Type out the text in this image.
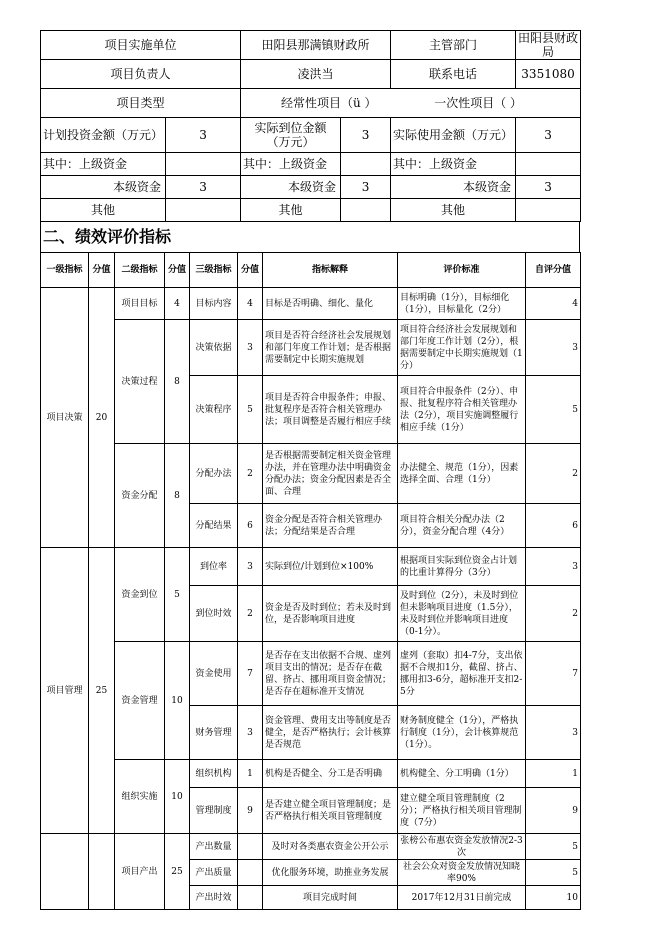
项目实施单位		田阳县那满镇财政所		主管部门	田阳县财政局
项目负责人		凌洪当		联系电话	3351080
项目类型		经常性项目（ü ） 一次性项目（ ）			
计划投资金额（万元）	3	实际到位金额（万元）	3	实际使用金额（万元）	3
其中：上级资金		其中：上级资金		其中：上级资金	
本级资金	3	本级资金	3	本级资金	3
其他		其他		其他	
二、绩效评价指标
一级指标	分值	二级指标	分值	三级指标	分值	指标解释	评价标准	自评分值
项目决策	20	项目目标	4	目标内容	4	目标是否明确、细化、量化	目标明确（1分），目标细化（1分），目标量化（2分）	4
		决策过程	8	决策依据	3	项目是否符合经济社会发展规划和部门年度工作计划；是否根据需要制定中长期实施规划	项目符合经济社会发展规划和部门年度工作计划（2分），根据需要制定中长期实施规划（1分）	3
				决策程序	5	项目是否符合申报条件；申报、批复程序是否符合相关管理办法；项目调整是否履行相应手续	项目符合申报条件（2分）、申报、批复程序符合相关管理办法（2分），项目实施调整履行相应手续（1分）	5
		资金分配	8	分配办法	2	是否根据需要制定相关资金管理办法，并在管理办法中明确资金分配办法；资金分配因素是否全面、合理	办法健全、规范（1分），因素选择全面、合理（1分）	2
				分配结果	6	资金分配是否符合相关管理办法；分配结果是否合理	项目符合相关分配办法（2分），资金分配合理（4分）	6
项目管理	25	资金到位	5	到位率	3	实际到位/计划到位×100%	根据项目实际到位资金占计划的比重计算得分（3分）	3
				到位时效	2	资金是否及时到位；若未及时到位，是否影响项目进度	及时到位（2分），未及时到位但未影响项目进度（1.5分），未及时到位并影响项目进度（0-1分）。	2
		资金管理	10	资金使用	7	是否存在支出依据不合规、虚列项目支出的情况；是否存在截留、挤占、挪用项目资金情况；是否存在超标准开支情况	虚列（套取）扣4-7分，支出依据不合规扣1分，截留、挤占、挪用扣3-6分，超标准开支扣2-5分	7
				财务管理	3	资金管理、费用支出等制度是否健全，是否严格执行；会计核算是否规范	财务制度健全（1分），严格执行制度（1分），会计核算规范（1分）。	3
		组织实施	10	组织机构	1	机构是否健全、分工是否明确	机构健全、分工明确（1分）	1
				管理制度	9	是否建立健全项目管理制度；是否严格执行相关项目管理制度	建立健全项目管理制度（2分）；严格执行相关项目管理制度（7分）	9
		项目产出	25	产出数量		及时对各类惠农资金公开公示	张榜公布惠农资金发放情况2-3次	5
				产出质量		优化服务环境，助推业务发展	社会公众对资金发放情况知晓率90%	5
				产出时效		项目完成时间	2017年12月31日前完成	10
